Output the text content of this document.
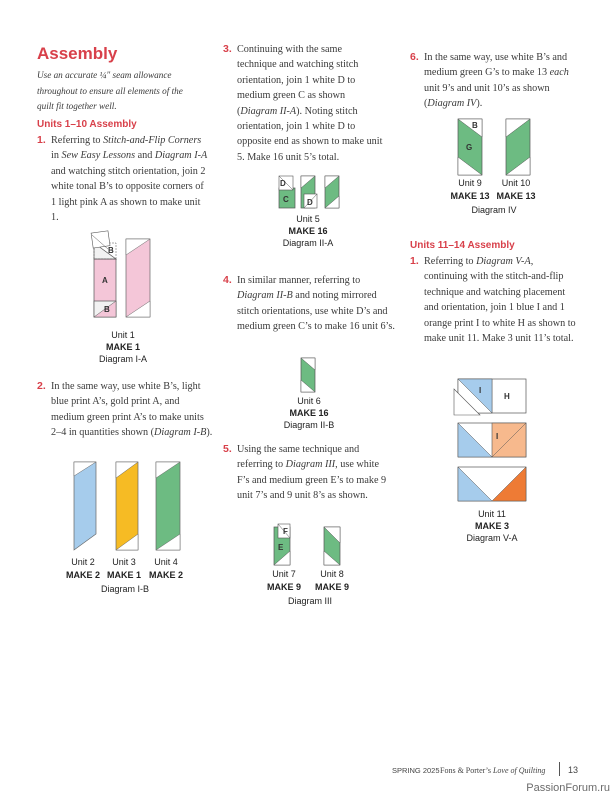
Assembly
Use an accurate ¼" seam allowance throughout to ensure all elements of the quilt fit together well.
Units 1–10 Assembly
1. Referring to Stitch-and-Flip Corners in Sew Easy Lessons and Diagram I-A and watching stitch orientation, join 2 white tonal B’s to opposite corners of 1 light pink A as shown to make unit 1.
B
A
B
Unit 1
MAKE 1
Diagram I-A
2. In the same way, use white B’s, light blue print A’s, gold print A, and medium green print A’s to make units 2–4 in quantities shown (Diagram I-B).
Unit 2	Unit 3	Unit 4
MAKE 2 MAKE 1 MAKE 2
Diagram I-B
3. Continuing with the same technique and watching stitch orientation, join 1 white D to medium green C as shown (Diagram II-A). Noting stitch orientation, join 1 white D to opposite end as shown to make unit 5. Make 16 unit 5’s total.
D
C D
Unit 5
MAKE 16
Diagram II-A
4. In similar manner, referring to Diagram II-B and noting mirrored stitch orientations, use white D’s and medium green C’s to make 16 unit 6’s.
Unit 6
MAKE 16
Diagram II-B
5. Using the same technique and referring to Diagram III, use white F’s and medium green E’s to make 9 unit 7’s and 9 unit 8’s as shown.
F
E
Unit 7	Unit 8
MAKE 9	MAKE 9
Diagram III
6. In the same way, use white B’s and medium green G’s to make 13 each unit 9’s and unit 10’s as shown (Diagram IV).
B
G
Unit 9	Unit 10
MAKE 13 MAKE 13
Diagram IV
Units 11–14 Assembly
1. Referring to Diagram V-A, continuing with the stitch-and-flip technique and watching placement and orientation, join 1 blue I and 1 orange print I to white H as shown to make unit 11. Make 3 unit 11’s total.
I
H
I
Unit 11
MAKE 3
Diagram V-A
SPRING 2025 Fons & Porter’s Love of Quilting	13
PassionForum.ru
